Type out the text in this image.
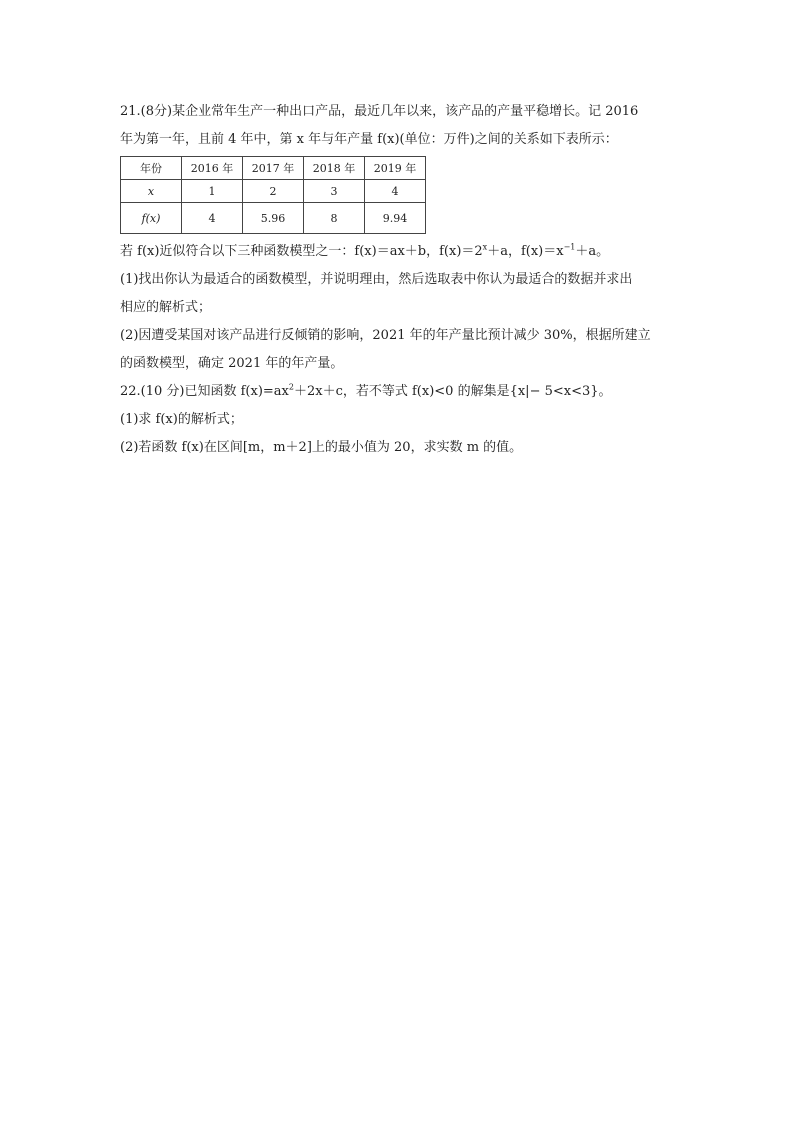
21.(8分)某企业常年生产一种出口产品，最近几年以来，该产品的产量平稳增长。记 2016
年为第一年，且前 4 年中，第 x 年与年产量 f(x)(单位：万件)之间的关系如下表所示：
年份	2016 年	2017 年	2018 年	2019 年
x	1	2	3	4
f(x)	4	5.96	8	9.94
若 f(x)近似符合以下三种函数模型之一：f(x)＝ax＋b，$f(x)=2^x+a$，$f(x)=x^{-1}+a$。
(1)找出你认为最适合的函数模型，并说明理由，然后选取表中你认为最适合的数据并求出
相应的解析式；
(2)因遭受某国对该产品进行反倾销的影响，2021 年的年产量比预计减少 30%，根据所建立
的函数模型，确定 2021 年的年产量。
22.(10 分)已知函数 $f(x)=ax^2+2x+c$，若不等式 f(x)<0 的解集是{x|− 5<x<3}。
(1)求 f(x)的解析式；
(2)若函数 f(x)在区间[m，m＋2]上的最小值为 20，求实数 m 的值。
